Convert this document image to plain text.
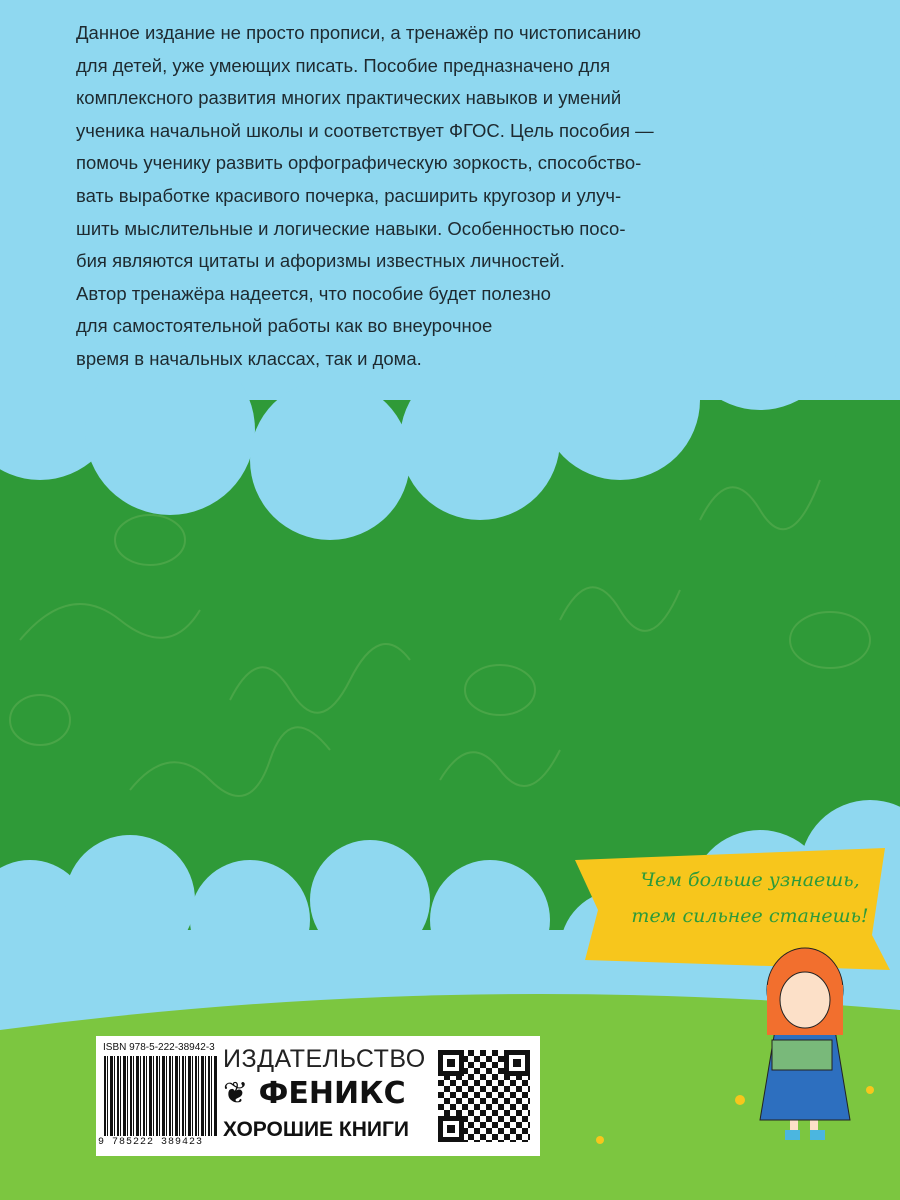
Данное издание не просто прописи, а тренажёр по чистописанию
для детей, уже умеющих писать. Пособие предназначено для
комплексного развития многих практических навыков и умений
ученика начальной школы и соответствует ФГОС. Цель пособия —
помочь ученику развить орфографическую зоркость, способство-
вать выработке красивого почерка, расширить кругозор и улуч-
шить мыслительные и логические навыки. Особенностью посо-
бия являются цитаты и афоризмы известных личностей.
Автор тренажёра надеется, что пособие будет полезно
для самостоятельной работы как во внеурочное
время в начальных классах, так и дома.
Чем больше узнаешь,
тем сильнее станешь!
ISBN 978-5-222-38942-3
9 785222 389423
ИЗДАТЕЛЬСТВО
❦ ФЕНИКС
ХОРОШИЕ КНИГИ
